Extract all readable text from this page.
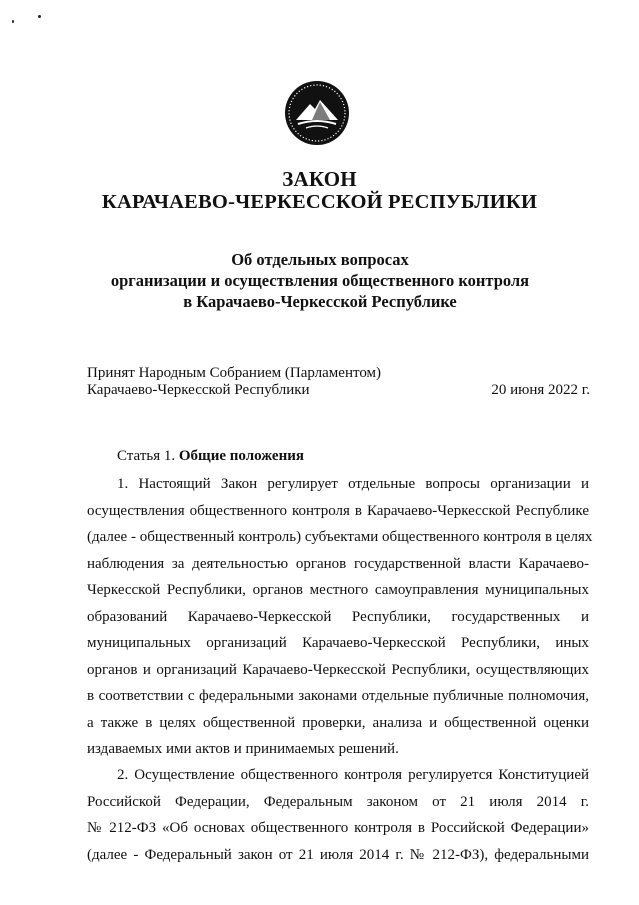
ЗАКОН
КАРАЧАЕВО-ЧЕРКЕССКОЙ РЕСПУБЛИКИ
Об отдельных вопросах
организации и осуществления общественного контроля
в Карачаево-Черкесской Республике
Принят Народным Собранием (Парламентом)
Карачаево-Черкесской Республики	20 июня 2022 г.
Статья 1. Общие положения
1. Настоящий Закон регулирует отдельные вопросы организации и
осуществления общественного контроля в Карачаево-Черкесской Республике
(далее - общественный контроль) субъектами общественного контроля в целях
наблюдения за деятельностью органов государственной власти Карачаево-
Черкесской Республики, органов местного самоуправления муниципальных
образований Карачаево-Черкесской Республики, государственных и
муниципальных организаций Карачаево-Черкесской Республики, иных
органов и организаций Карачаево-Черкесской Республики, осуществляющих
в соответствии с федеральными законами отдельные публичные полномочия,
а также в целях общественной проверки, анализа и общественной оценки
издаваемых ими актов и принимаемых решений.
2. Осуществление общественного контроля регулируется Конституцией
Российской Федерации, Федеральным законом от 21 июля 2014 г.
№ 212-ФЗ «Об основах общественного контроля в Российской Федерации»
(далее - Федеральный закон от 21 июля 2014 г. № 212-ФЗ), федеральными
